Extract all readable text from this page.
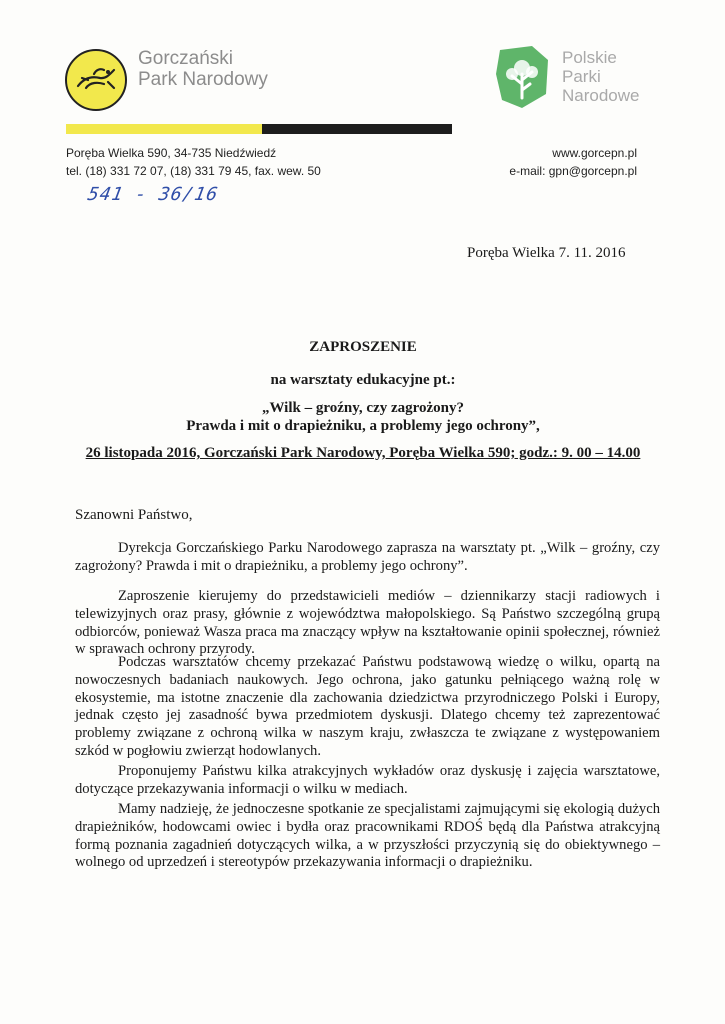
Gorczański
Park Narodowy
Polskie
Parki
Narodowe
Poręba Wielka 590, 34-735 Niedźwiedź
tel. (18) 331 72 07, (18) 331 79 45, fax. wew. 50
www.gorcepn.pl
e-mail: gpn@gorcepn.pl
541 - 36/16
Poręba Wielka 7. 11. 2016
ZAPROSZENIE
na warsztaty edukacyjne pt.:
„Wilk – groźny, czy zagrożony?
Prawda i mit o drapieżniku, a problemy jego ochrony”,
26 listopada 2016, Gorczański Park Narodowy, Poręba Wielka 590; godz.: 9. 00 – 14.00
Szanowni Państwo,
Dyrekcja Gorczańskiego Parku Narodowego zaprasza na warsztaty pt. „Wilk – groźny, czy zagrożony? Prawda i mit o drapieżniku, a problemy jego ochrony”.
Zaproszenie kierujemy do przedstawicieli mediów – dziennikarzy stacji radiowych i telewizyjnych oraz prasy, głównie z województwa małopolskiego. Są Państwo szczególną grupą odbiorców, ponieważ Wasza praca ma znaczący wpływ na kształtowanie opinii społecznej, również w sprawach ochrony przyrody.
Podczas warsztatów chcemy przekazać Państwu podstawową wiedzę o wilku, opartą na nowoczesnych badaniach naukowych. Jego ochrona, jako gatunku pełniącego ważną rolę w ekosystemie, ma istotne znaczenie dla zachowania dziedzictwa przyrodniczego Polski i Europy, jednak często jej zasadność bywa przedmiotem dyskusji. Dlatego chcemy też zaprezentować problemy związane z ochroną wilka w naszym kraju, zwłaszcza te związane z występowaniem szkód w pogłowiu zwierząt hodowlanych.
Proponujemy Państwu kilka atrakcyjnych wykładów oraz dyskusję i zajęcia warsztatowe, dotyczące przekazywania informacji o wilku w mediach.
Mamy nadzieję, że jednoczesne spotkanie ze specjalistami zajmującymi się ekologią dużych drapieżników, hodowcami owiec i bydła oraz pracownikami RDOŚ będą dla Państwa atrakcyjną formą poznania zagadnień dotyczących wilka, a w przyszłości przyczynią się do obiektywnego – wolnego od uprzedzeń i stereotypów przekazywania informacji o drapieżniku.
